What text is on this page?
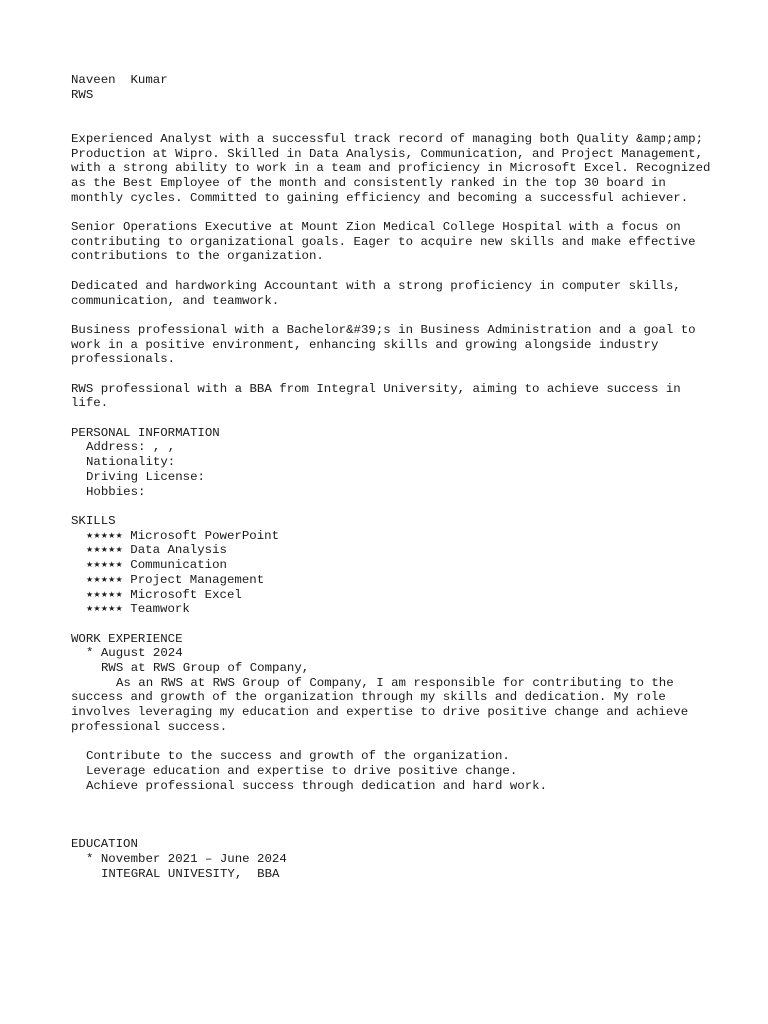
Naveen  Kumar
RWS
Experienced Analyst with a successful track record of managing both Quality &amp;amp; Production at Wipro. Skilled in Data Analysis, Communication, and Project Management, with a strong ability to work in a team and proficiency in Microsoft Excel. Recognized as the Best Employee of the month and consistently ranked in the top 30 board in monthly cycles. Committed to gaining efficiency and becoming a successful achiever.
Senior Operations Executive at Mount Zion Medical College Hospital with a focus on contributing to organizational goals. Eager to acquire new skills and make effective contributions to the organization.
Dedicated and hardworking Accountant with a strong proficiency in computer skills, communication, and teamwork.
Business professional with a Bachelor&#39;s in Business Administration and a goal to work in a positive environment, enhancing skills and growing alongside industry professionals.
RWS professional with a BBA from Integral University, aiming to achieve success in life.
PERSONAL INFORMATION
Address: , ,
Nationality:
Driving License:
Hobbies:
SKILLS
★★★★★ Microsoft PowerPoint
★★★★★ Data Analysis
★★★★★ Communication
★★★★★ Project Management
★★★★★ Microsoft Excel
★★★★★ Teamwork
WORK EXPERIENCE
* August 2024
RWS at RWS Group of Company,
As an RWS at RWS Group of Company, I am responsible for contributing to the success and growth of the organization through my skills and dedication. My role involves leveraging my education and expertise to drive positive change and achieve professional success.
Contribute to the success and growth of the organization.
Leverage education and expertise to drive positive change.
Achieve professional success through dedication and hard work.
EDUCATION
* November 2021 – June 2024
INTEGRAL UNIVESITY,  BBA
